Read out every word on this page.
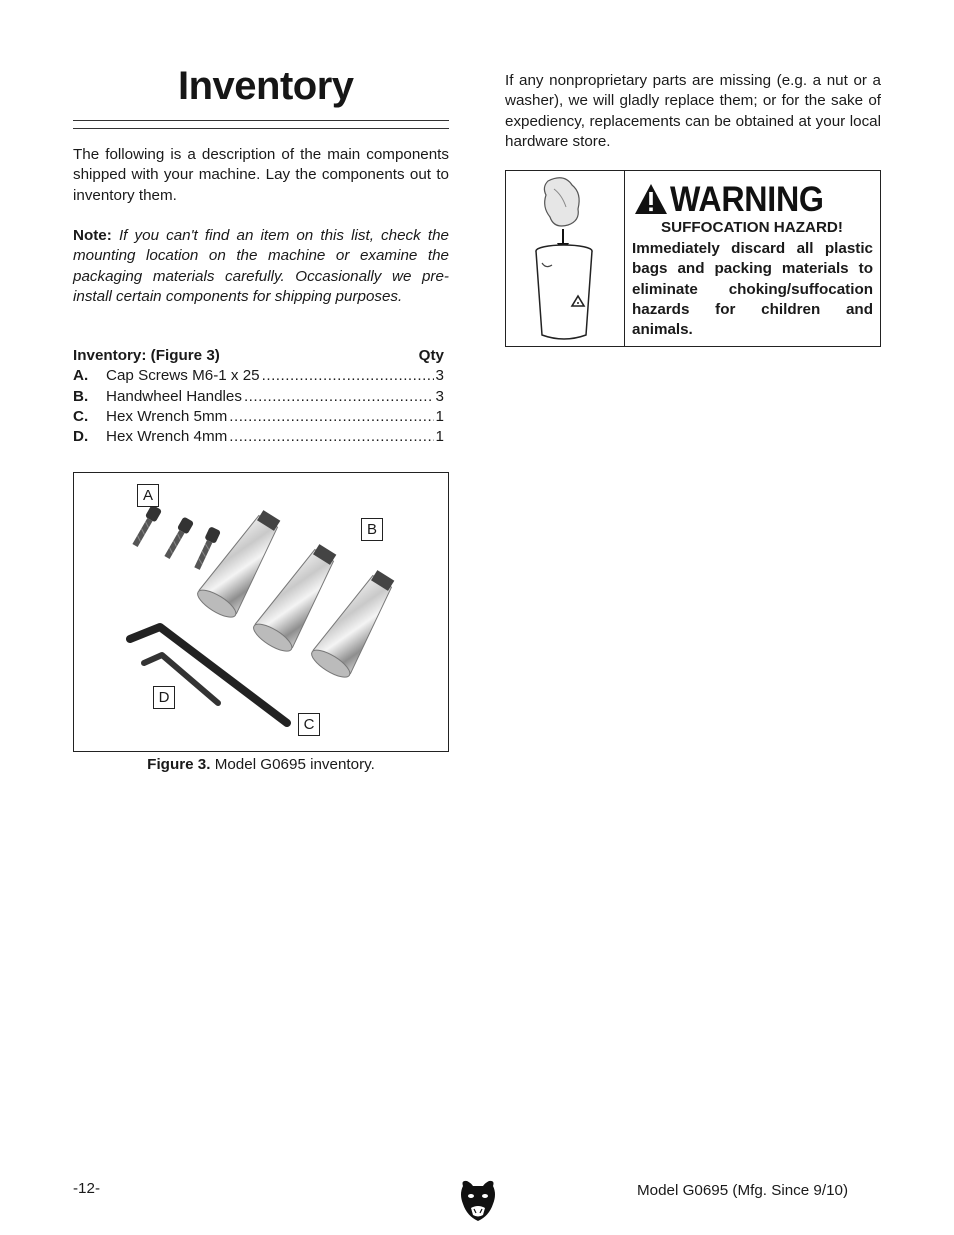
Inventory
The following is a description of the main components shipped with your machine. Lay the components out to inventory them.
Note: If you can't find an item on this list, check the mounting location on the machine or examine the packaging materials carefully. Occasionally we pre-install certain components for shipping purposes.
Inventory: (Figure 3)	Qty
A.	Cap Screws M6-1 x 25 .....	3
B.	Handwheel Handles .....	3
C.	Hex Wrench 5mm .....	1
D.	Hex Wrench 4mm .....	1
A
B
C
D
Figure 3. Model G0695 inventory.
If any nonproprietary parts are missing (e.g. a nut or a washer), we will gladly replace them; or for the sake of expediency, replacements can be obtained at your local hardware store.
WARNING
SUFFOCATION HAZARD!
Immediately discard all plastic bags and packing materials to eliminate choking/suffocation hazards for children and animals.
-12-	Model G0695 (Mfg. Since 9/10)
